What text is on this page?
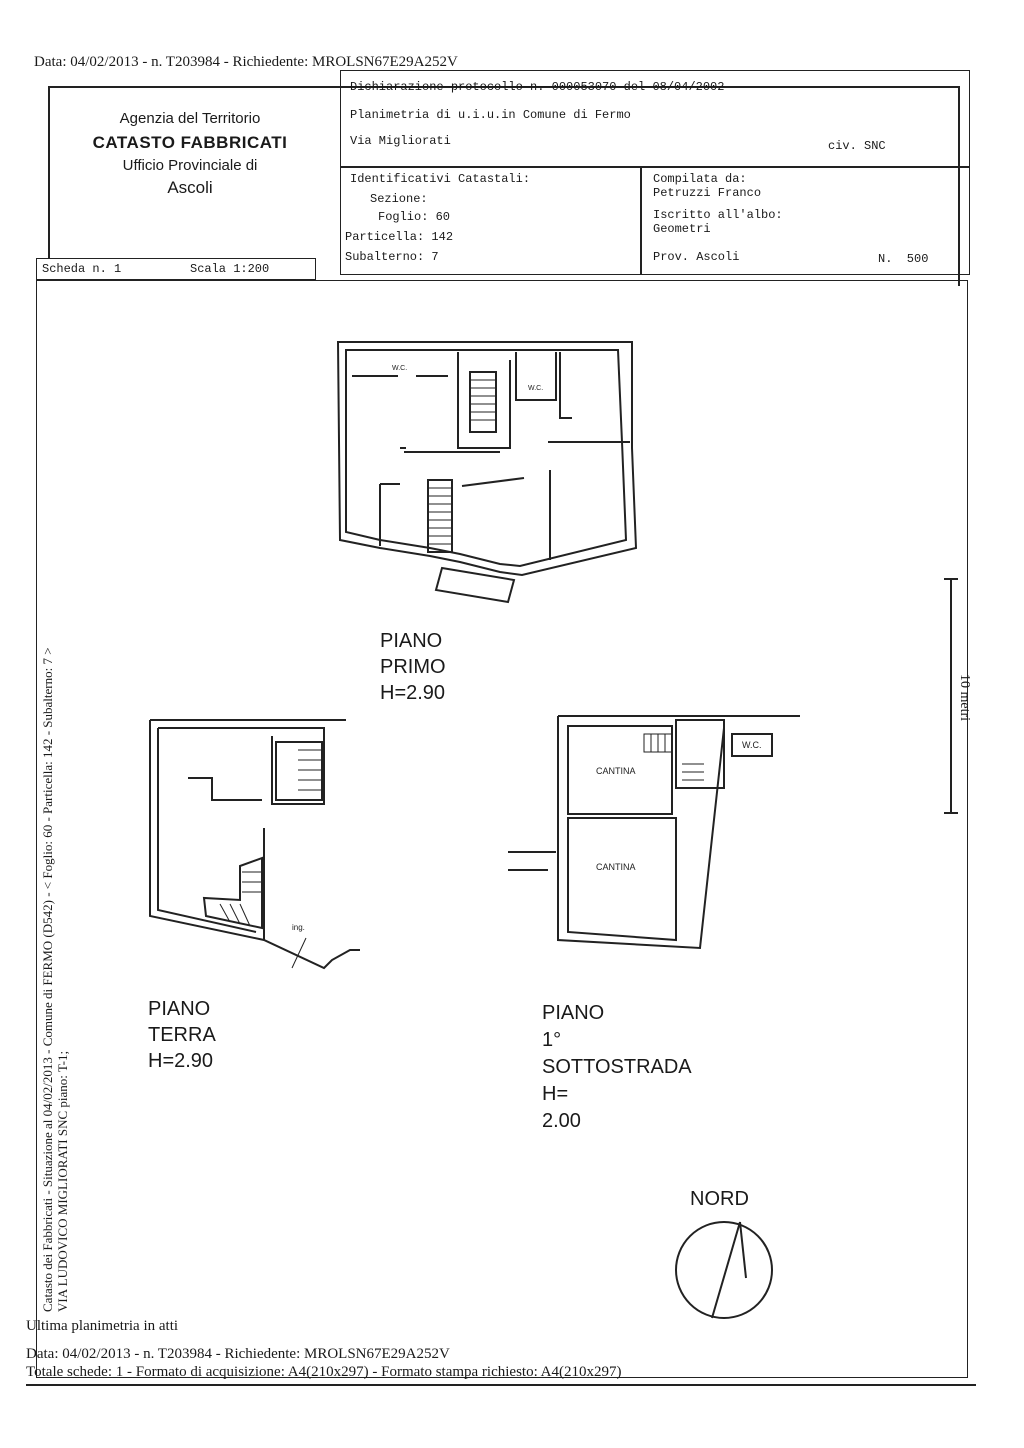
Data: 04/02/2013 - n. T203984 - Richiedente: MROLSN67E29A252V
Agenzia del Territorio
CATASTO FABBRICATI
Ufficio Provinciale di
Ascoli
Dichiarazione protocollo n. 000053070 del 08/04/2002
Planimetria di u.i.u.in Comune di Fermo
Via Migliorati	civ. SNC
Identificativi Catastali:
Sezione:
Foglio: 60
Particella: 142
Subalterno: 7
Compilata da:
Petruzzi Franco
Iscritto all'albo:
Geometri
Prov. Ascoli	N.  500
Scheda n. 1	Scala 1:200
Catasto dei Fabbricati - Situazione al 04/02/2013 - Comune di FERMO (D542) - < Foglio: 60 - Particella: 142 - Subalterno: 7 > VIA LUDOVICO MIGLIORATI SNC piano: T-1;
10 metri
W.C.
W.C.
W.C.
CANTINA
CANTINA
ing.
PIANO
PRIMO
H=2.90
PIANO
TERRA
H=2.90
PIANO
1°
SOTTOSTRADA
H=
2.00
NORD
Ultima planimetria in atti
Data: 04/02/2013 - n. T203984 - Richiedente: MROLSN67E29A252V
Totale schede: 1 - Formato di acquisizione: A4(210x297) - Formato stampa richiesto: A4(210x297)
